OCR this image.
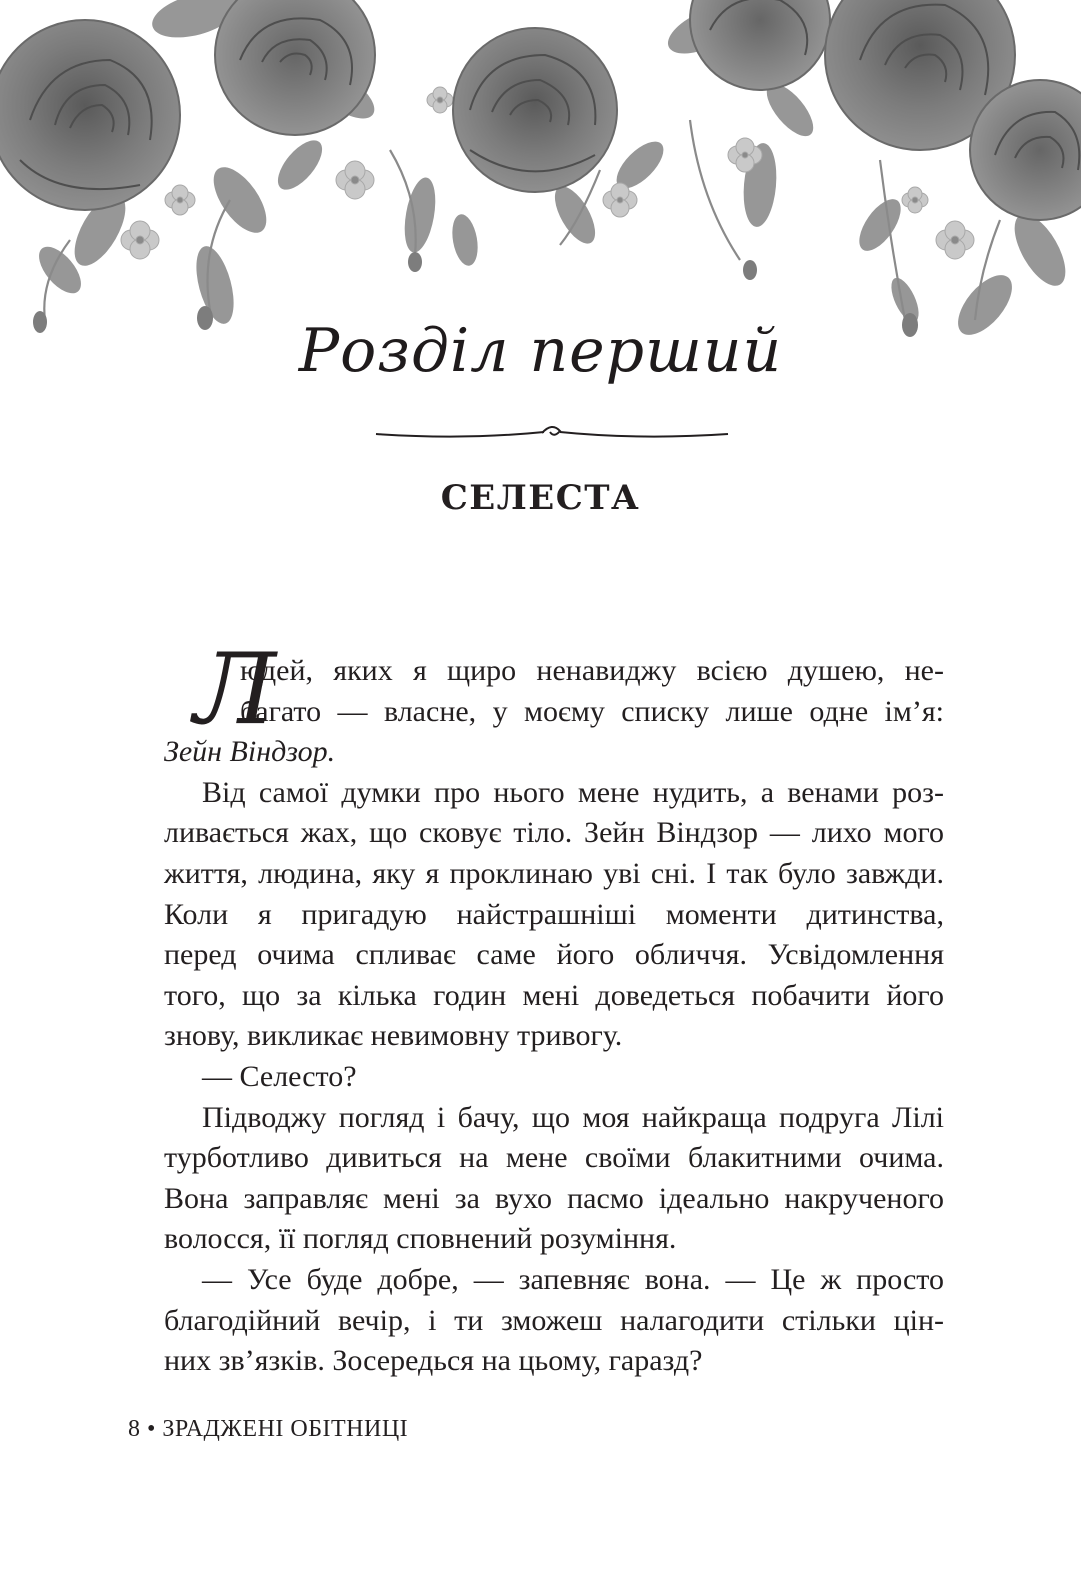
Розділ перший
СЕЛЕСТА
Л
юдей, яких я щиро ненавиджу всією душею, не-
багато — власне, у моєму списку лише одне ім’я:
Зейн Віндзор.
Від самої думки про нього мене нудить, а венами роз-
ливається жах, що сковує тіло. Зейн Віндзор — лихо мого
життя, людина, яку я проклинаю уві сні. І так було завжди.
Коли я пригадую найстрашніші моменти дитинства,
перед очима спливає саме його обличчя. Усвідомлення
того, що за кілька годин мені доведеться побачити його
знову, викликає невимовну тривогу.
— Селесто?
Підводжу погляд і бачу, що моя найкраща подруга Лілі
турботливо дивиться на мене своїми блакитними очима.
Вона заправляє мені за вухо пасмо ідеально накрученого
волосся, її погляд сповнений розуміння.
— Усе буде добре, — запевняє вона. — Це ж просто
благодійний вечір, і ти зможеш налагодити стільки цін-
них зв’язків. Зосередься на цьому, гаразд?
8 • ЗРАДЖЕНІ ОБІТНИЦІ
